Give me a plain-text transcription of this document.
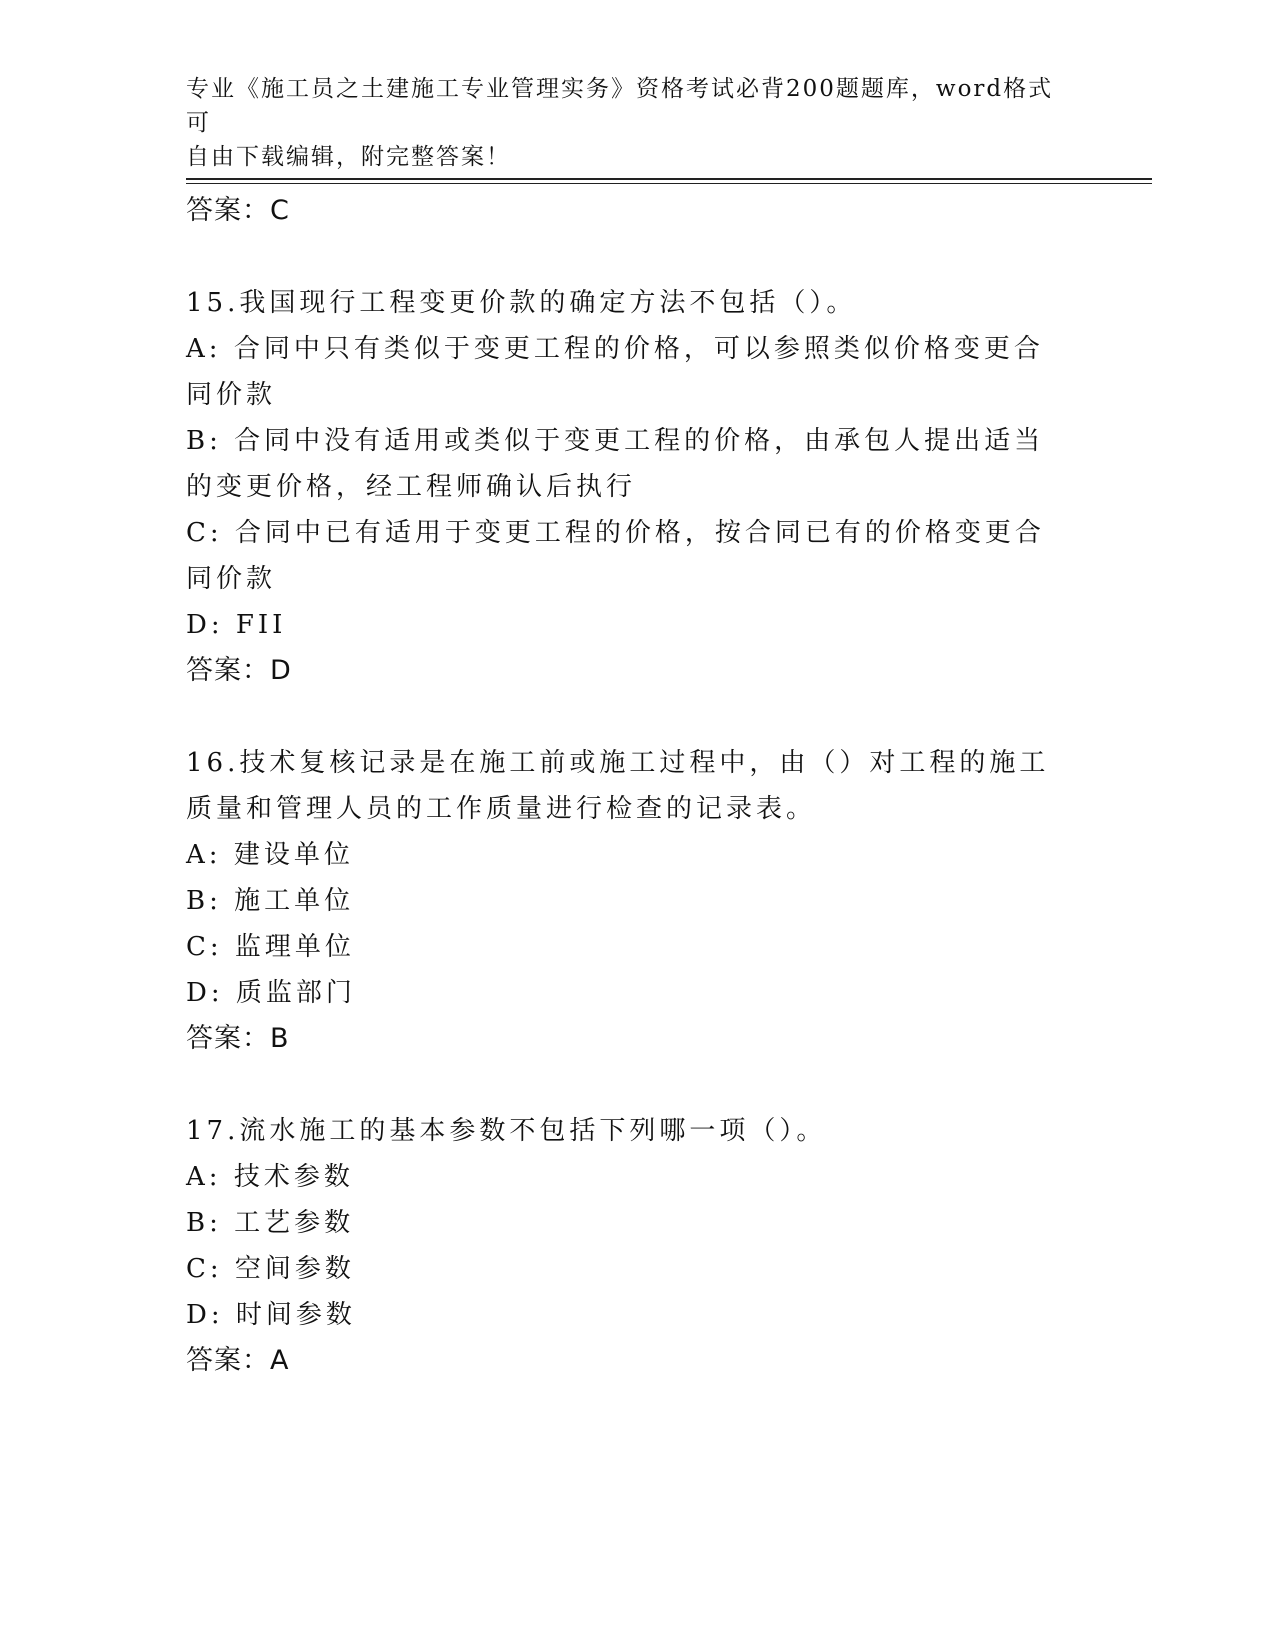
专业《施工员之土建施工专业管理实务》资格考试必背200题题库，word格式可
自由下载编辑，附完整答案！
答案：C
15.我国现行工程变更价款的确定方法不包括（）。
A: 合同中只有类似于变更工程的价格，可以参照类似价格变更合同价款
B: 合同中没有适用或类似于变更工程的价格，由承包人提出适当的变更价格，经工程师确认后执行
C: 合同中已有适用于变更工程的价格，按合同已有的价格变更合同价款
D: FII
答案：D
16.技术复核记录是在施工前或施工过程中，由（）对工程的施工质量和管理人员的工作质量进行检查的记录表。
A: 建设单位
B: 施工单位
C: 监理单位
D: 质监部门
答案：B
17.流水施工的基本参数不包括下列哪一项（）。
A: 技术参数
B: 工艺参数
C: 空间参数
D: 时间参数
答案：A
